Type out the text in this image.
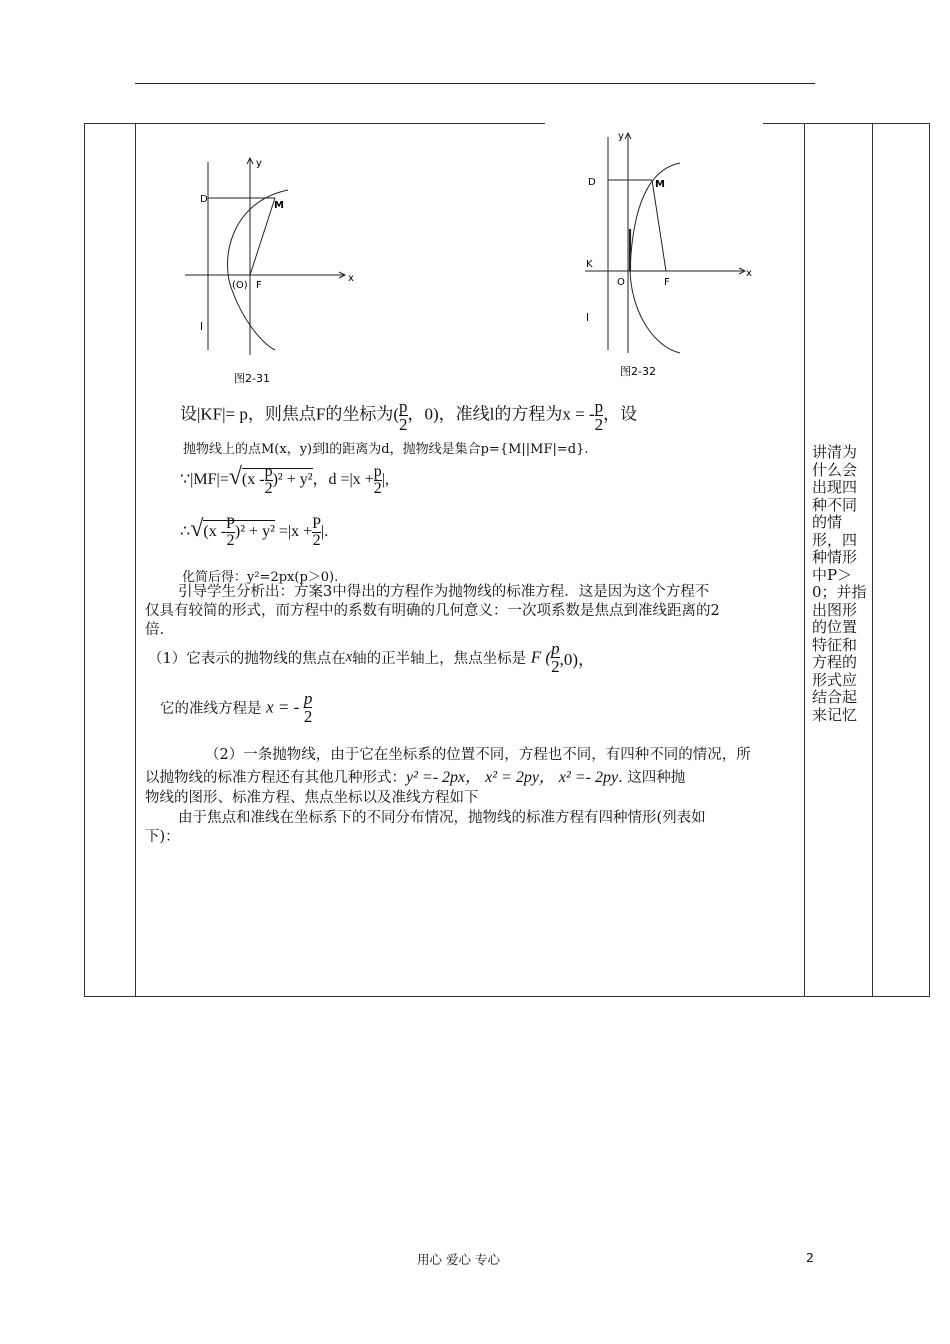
y
x
D
M
(O) F
l
图2-31
y
x
D	M
K
O	F
l
图2-32
设|KF|= p，则焦点F的坐标为( $\frac{p}{2}$ ，0)，准线l的方程为x = - $\frac{p}{2}$ ，设
抛物线上的点M(x，y)到l的距离为d，抛物线是集合p={M||MF|=d}.
∵|MF|=√(x - $\frac{p}{2} )^2 + y^2$，$d =|x + \frac{p}{2}$ |,
∴√(x - $\frac{P}{2} )^2 + y^2 =|x + \frac{P}{2}$ |.
化简后得：y²=2px(p＞0).
引导学生分析出：方案3中得出的方程作为抛物线的标准方程．这是因为这个方程不
仅具有较简的形式，而方程中的系数有明确的几何意义：一次项系数是焦点到准线距离的2
倍.
（1）它表示的抛物线的焦点在x轴的正半轴上，焦点坐标是 F ( $\frac{p}{2} ,0$)，
它的准线方程是 x = - $\frac{p}{2}$
（2）一条抛物线，由于它在坐标系的位置不同，方程也不同，有四种不同的情况，所
以抛物线的标准方程还有其他几种形式：y² =- 2px， x² = 2py， x² =- 2py. 这四种抛
物线的图形、标准方程、焦点坐标以及准线方程如下
由于焦点和准线在坐标系下的不同分布情况，抛物线的标准方程有四种情形(列表如
下)：
讲清为什么会出现四种不同的情形，四种情形中P＞0；并指出图形的位置特征和方程的形式应结合起来记忆
用心 爱心 专心	2
